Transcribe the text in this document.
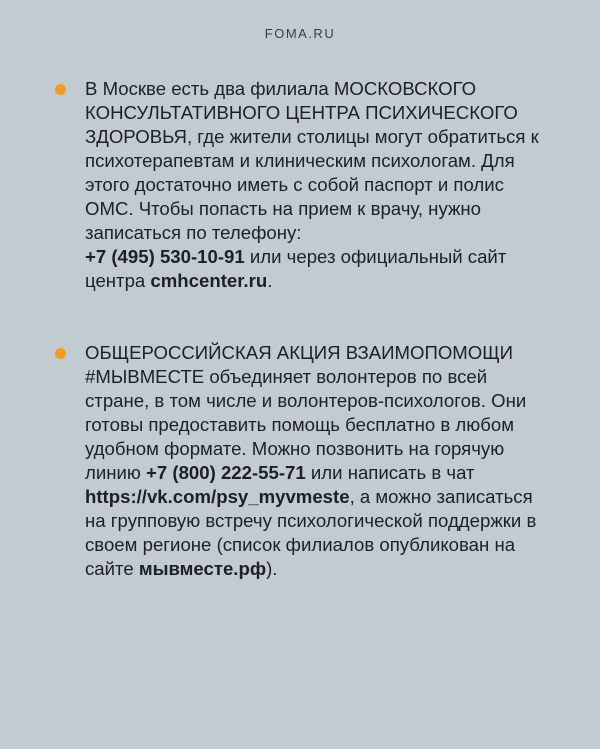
FOMA.RU
В Москве есть два филиала МОСКОВСКОГО КОНСУЛЬТАТИВНОГО ЦЕНТРА ПСИХИЧЕСКОГО ЗДОРОВЬЯ, где жители столицы могут обратиться к психотерапевтам и клиническим психологам. Для этого достаточно иметь с собой паспорт и полис ОМС. Чтобы попасть на прием к врачу, нужно записаться по телефону:
+7 (495) 530-10-91 или через официальный сайт центра cmhcenter.ru.
ОБЩЕРОССИЙСКАЯ АКЦИЯ ВЗАИМОПОМОЩИ #МЫВМЕСТЕ объединяет волонтеров по всей стране, в том числе и волонтеров-психологов. Они готовы предоставить помощь бесплатно в любом удобном формате. Можно позвонить на горячую линию +7 (800) 222-55-71 или написать в чат https://vk.com/psy_myvmeste, а можно записаться на групповую встречу психологической поддержки в своем регионе (список филиалов опубликован на сайте мывместе.рф).
